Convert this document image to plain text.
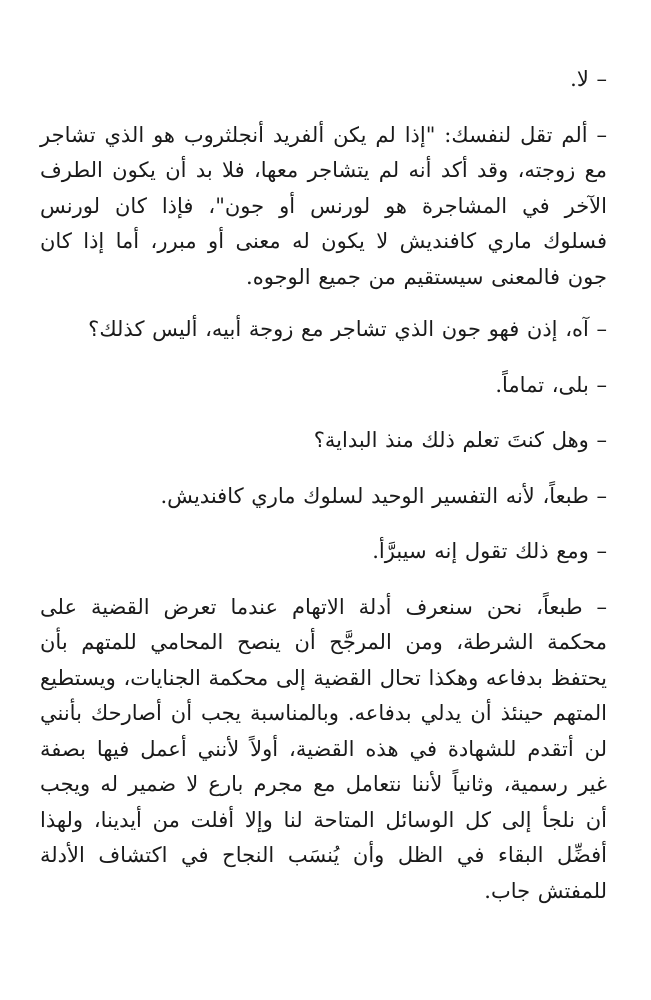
– لا.

– ألم تقل لنفسك: "إذا لم يكن ألفريد أنجلثروب هو الذي تشاجر مع زوجته، وقد أكد أنه لم يتشاجر معها، فلا بد أن يكون الطرف الآخر في المشاجرة هو لورنس أو جون"، فإذا كان لورنس فسلوك ماري كافنديش لا يكون له معنى أو مبرر، أما إذا كان جون فالمعنى سيستقيم من جميع الوجوه.

– آه، إذن فهو جون الذي تشاجر مع زوجة أبيه، أليس كذلك؟

– بلى، تماماً.

– وهل كنتَ تعلم ذلك منذ البداية؟

– طبعاً، لأنه التفسير الوحيد لسلوك ماري كافنديش.

– ومع ذلك تقول إنه سيبرَّأ.

– طبعاً، نحن سنعرف أدلة الاتهام عندما تعرض القضية على محكمة الشرطة، ومن المرجَّح أن ينصح المحامي للمتهم بأن يحتفظ بدفاعه وهكذا تحال القضية إلى محكمة الجنايات، ويستطيع المتهم حينئذ أن يدلي بدفاعه. وبالمناسبة يجب أن أصارحك بأنني لن أتقدم للشهادة في هذه القضية، أولاً لأنني أعمل فيها بصفة غير رسمية، وثانياً لأننا نتعامل مع مجرم بارع لا ضمير له ويجب أن نلجأ إلى كل الوسائل المتاحة لنا وإلا أفلت من أيدينا، ولهذا أفضِّل البقاء في الظل وأن يُنسَب النجاح في اكتشاف الأدلة للمفتش جاب.
